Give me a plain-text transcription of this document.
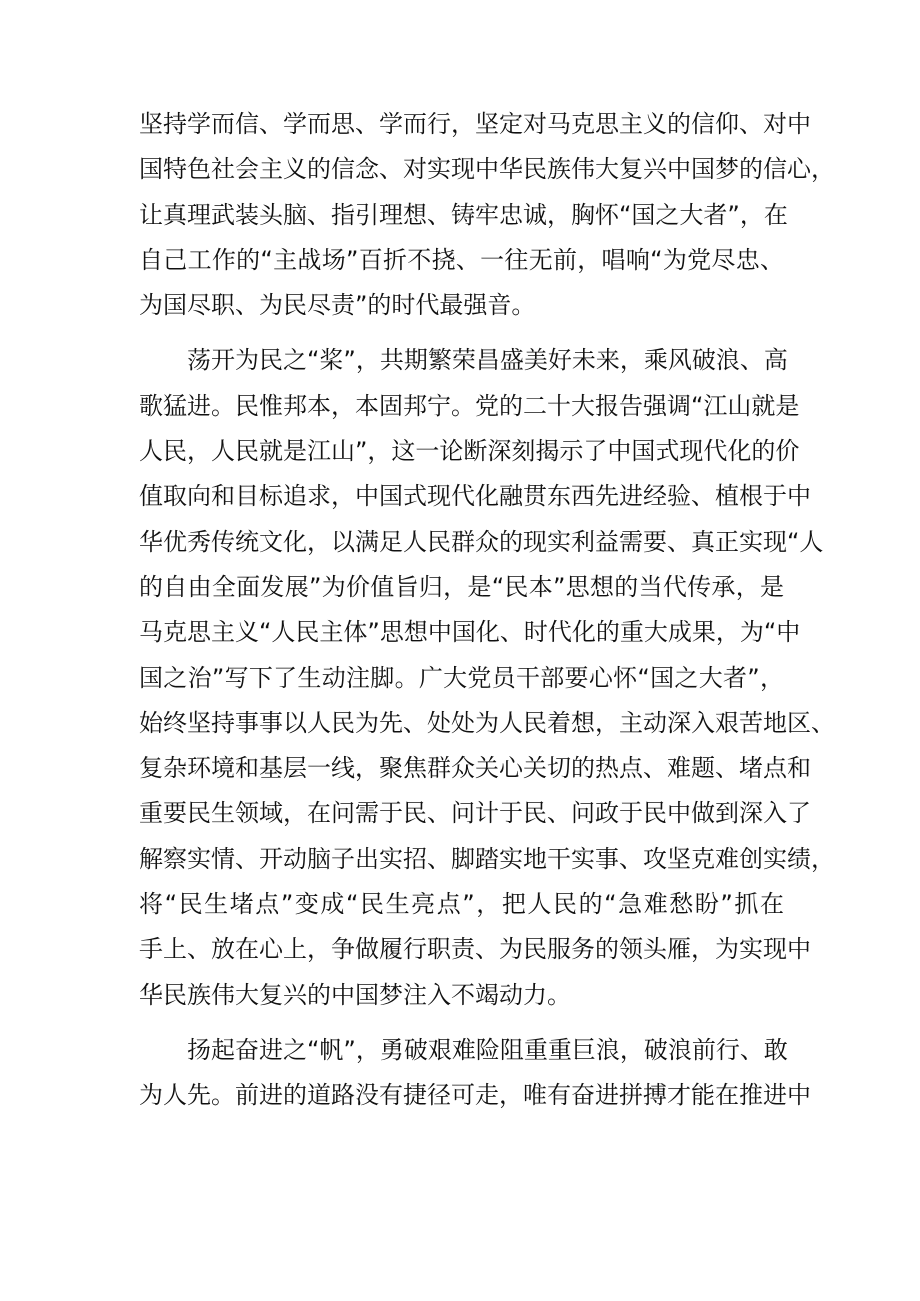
坚持学而信、学而思、学而行，坚定对马克思主义的信仰、对中
国特色社会主义的信念、对实现中华民族伟大复兴中国梦的信心，
让真理武装头脑、指引理想、铸牢忠诚，胸怀“国之大者”，在
自己工作的“主战场”百折不挠、一往无前，唱响“为党尽忠、
为国尽职、为民尽责”的时代最强音。
荡开为民之“桨”，共期繁荣昌盛美好未来，乘风破浪、高
歌猛进。民惟邦本，本固邦宁。党的二十大报告强调“江山就是
人民，人民就是江山”，这一论断深刻揭示了中国式现代化的价
值取向和目标追求，中国式现代化融贯东西先进经验、植根于中
华优秀传统文化，以满足人民群众的现实利益需要、真正实现“人
的自由全面发展”为价值旨归，是“民本”思想的当代传承，是
马克思主义“人民主体”思想中国化、时代化的重大成果，为“中
国之治”写下了生动注脚。广大党员干部要心怀“国之大者”，
始终坚持事事以人民为先、处处为人民着想，主动深入艰苦地区、
复杂环境和基层一线，聚焦群众关心关切的热点、难题、堵点和
重要民生领域，在问需于民、问计于民、问政于民中做到深入了
解察实情、开动脑子出实招、脚踏实地干实事、攻坚克难创实绩，
将“民生堵点”变成“民生亮点”，把人民的“急难愁盼”抓在
手上、放在心上，争做履行职责、为民服务的领头雁，为实现中
华民族伟大复兴的中国梦注入不竭动力。
扬起奋进之“帆”，勇破艰难险阻重重巨浪，破浪前行、敢
为人先。前进的道路没有捷径可走，唯有奋进拼搏才能在推进中
